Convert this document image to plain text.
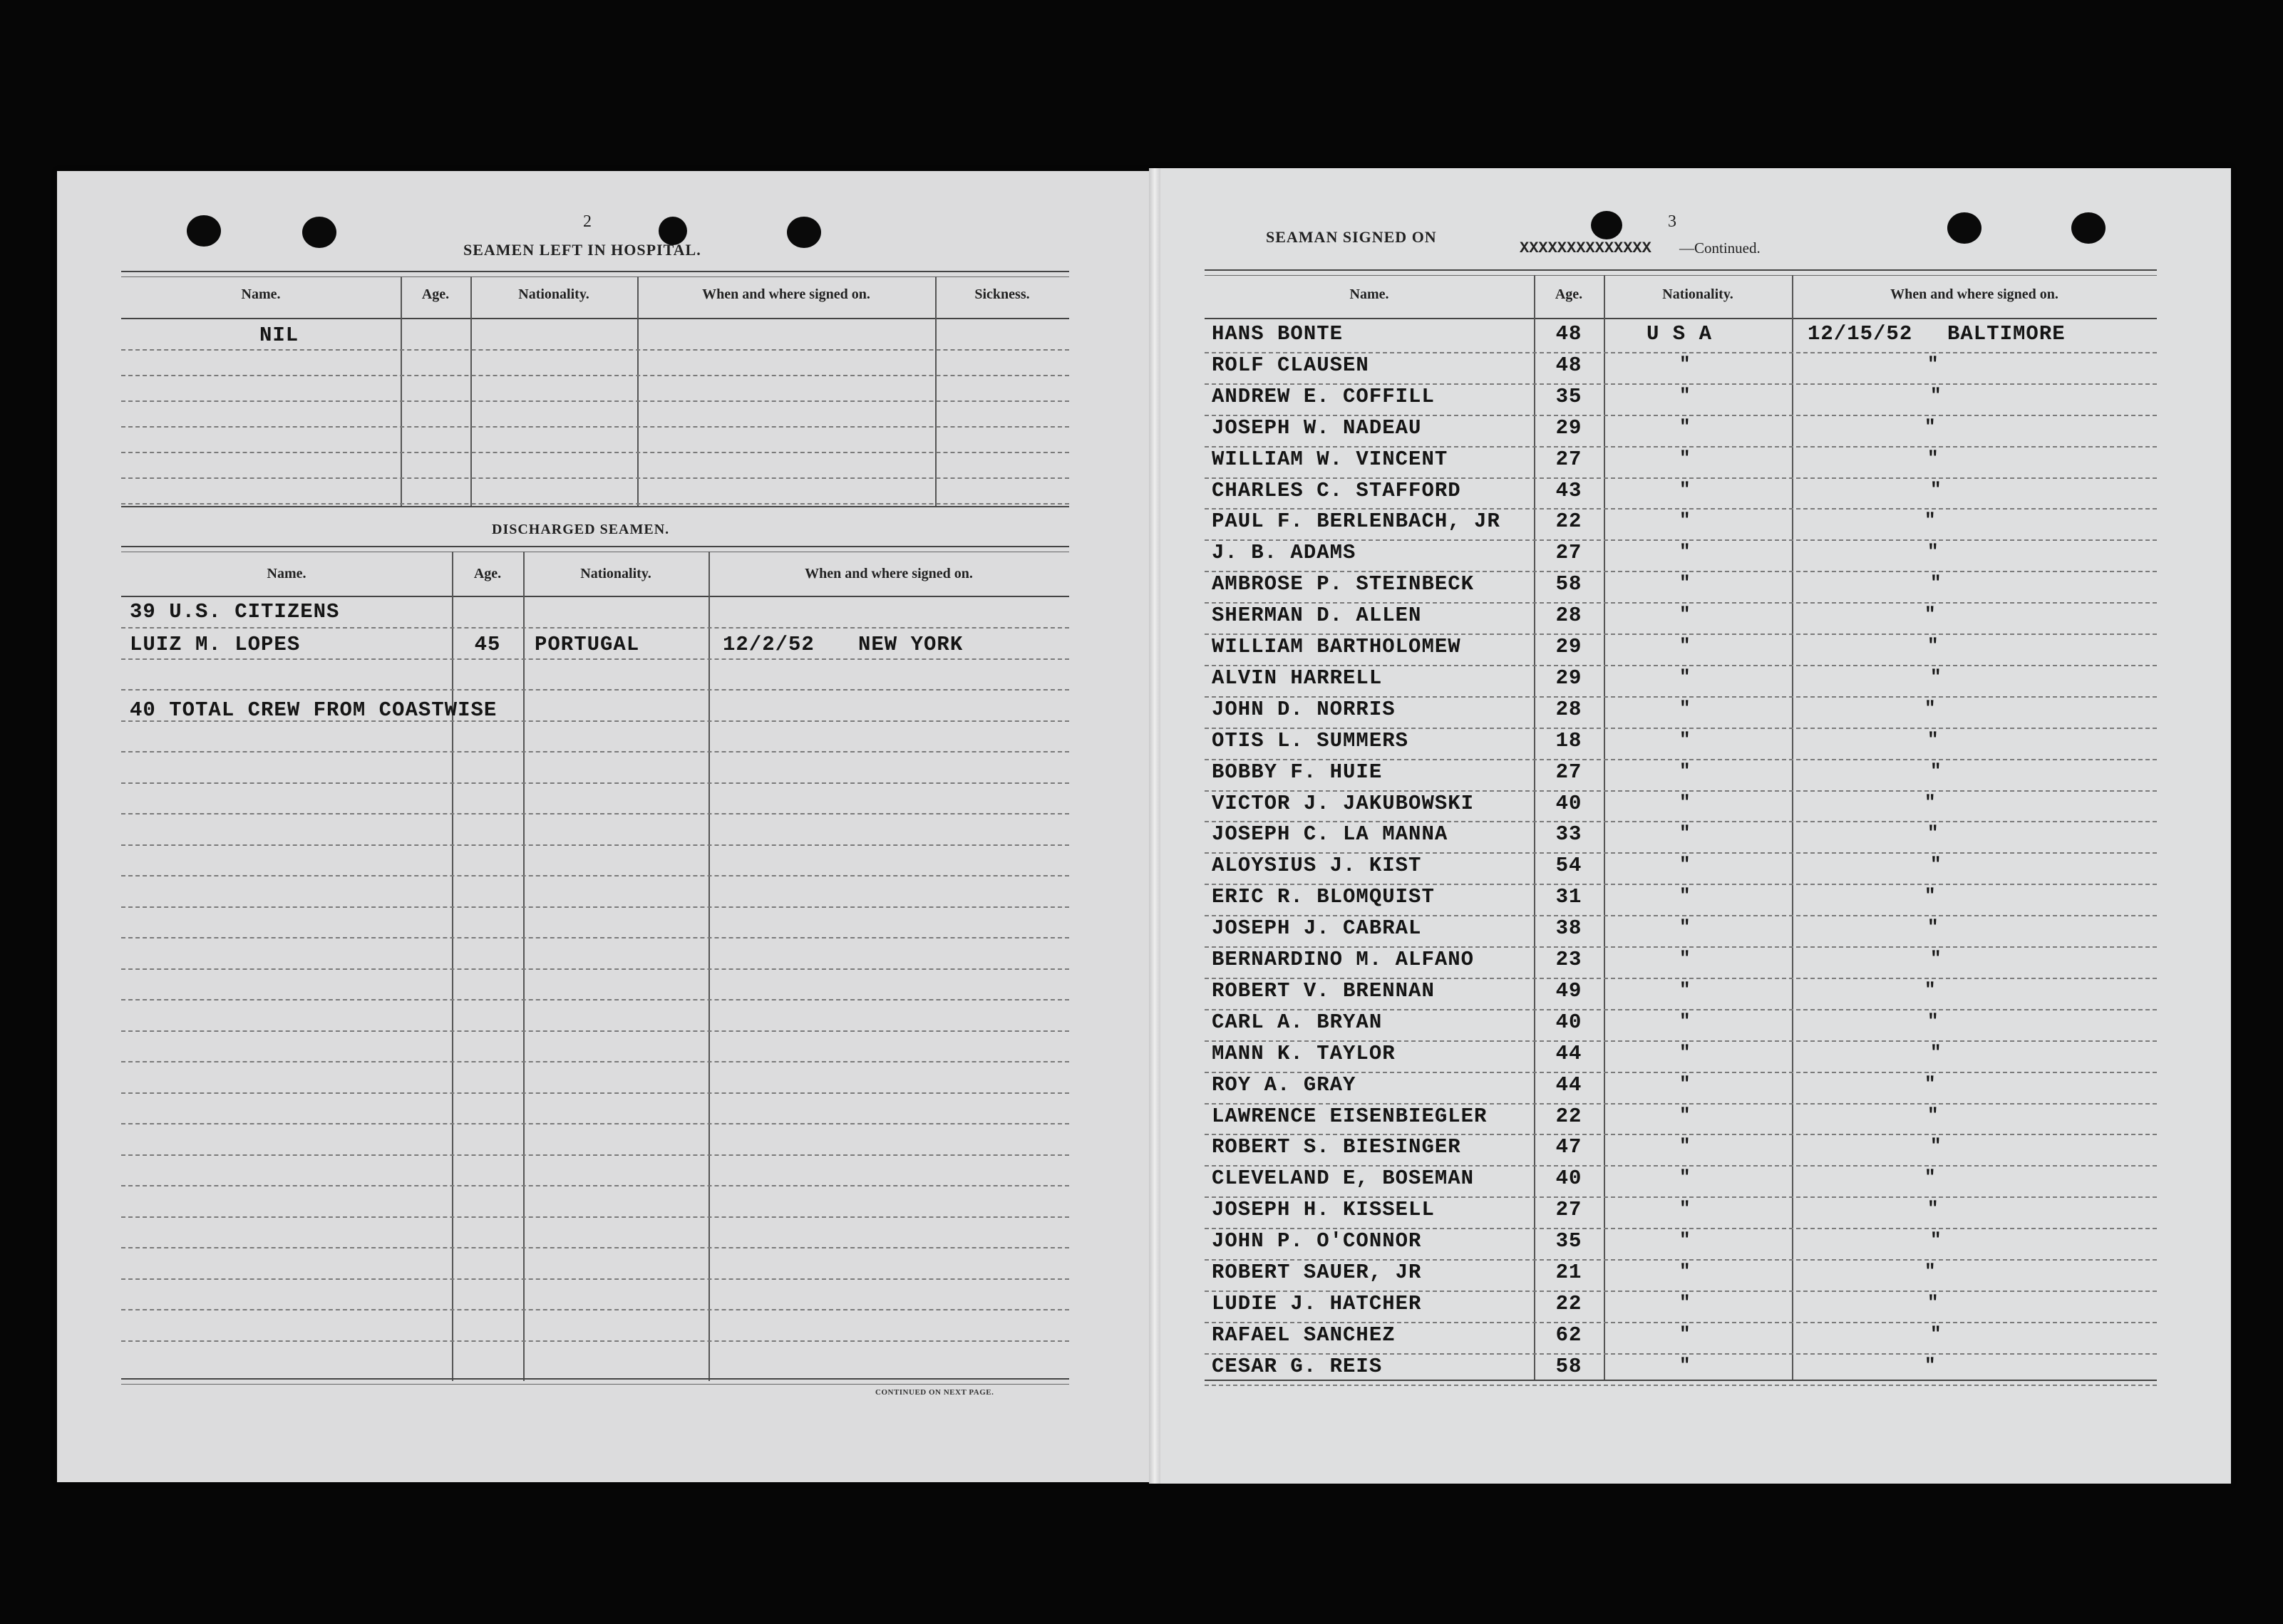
2
SEAMEN LEFT IN HOSPITAL.
Name.	Age.	Nationality.	When and where signed on.	Sickness.
NIL
3
SEAMAN SIGNED ON
XXXXXXXXXXXXXX —Continued.
Name.	Age.	Nationality.	When and where signed on.
HANS BONTE	48	U S A	12/15/52 BALTIMORE
ROLF CLAUSEN	48	"	"
ANDREW E. COFFILL	35	"	"
JOSEPH W. NADEAU	29	"	"
WILLIAM W. VINCENT	27	"	"
CHARLES C. STAFFORD	43	"	"
PAUL F. BERLENBACH, JR	22	"	"
J. B. ADAMS	27	"	"
AMBROSE P. STEINBECK	58	"	"
SHERMAN D. ALLEN	28	"	"
WILLIAM BARTHOLOMEW	29	"	"
ALVIN HARRELL	29	"	"
JOHN D. NORRIS	28	"	"
OTIS L. SUMMERS	18	"	"
BOBBY F. HUIE	27	"	"
VICTOR J. JAKUBOWSKI	40	"	"
JOSEPH C. LA MANNA	33	"	"
ALOYSIUS J. KIST	54	"	"
ERIC R. BLOMQUIST	31	"	"
JOSEPH J. CABRAL	38	"	"
BERNARDINO M. ALFANO	23	"	"
ROBERT V. BRENNAN	49	"	"
CARL A. BRYAN	40	"	"
MANN K. TAYLOR	44	"	"
ROY A. GRAY	44	"	"
LAWRENCE EISENBIEGLER	22	"	"
ROBERT S. BIESINGER	47	"	"
CLEVELAND E, BOSEMAN	40	"	"
JOSEPH H. KISSELL	27	"	"
JOHN P. O'CONNOR	35	"	"
ROBERT SAUER, JR	21	"	"
LUDIE J. HATCHER	22	"	"
RAFAEL SANCHEZ	62	"	"
CESAR G. REIS	58	"	"
DISCHARGED SEAMEN.
Name.	Age.	Nationality.	When and where signed on.
39 U.S. CITIZENS
LUIZ M. LOPES	45	PORTUGAL	12/2/52 NEW YORK
40 TOTAL CREW FROM COASTWISE
CONTINUED ON NEXT PAGE.
